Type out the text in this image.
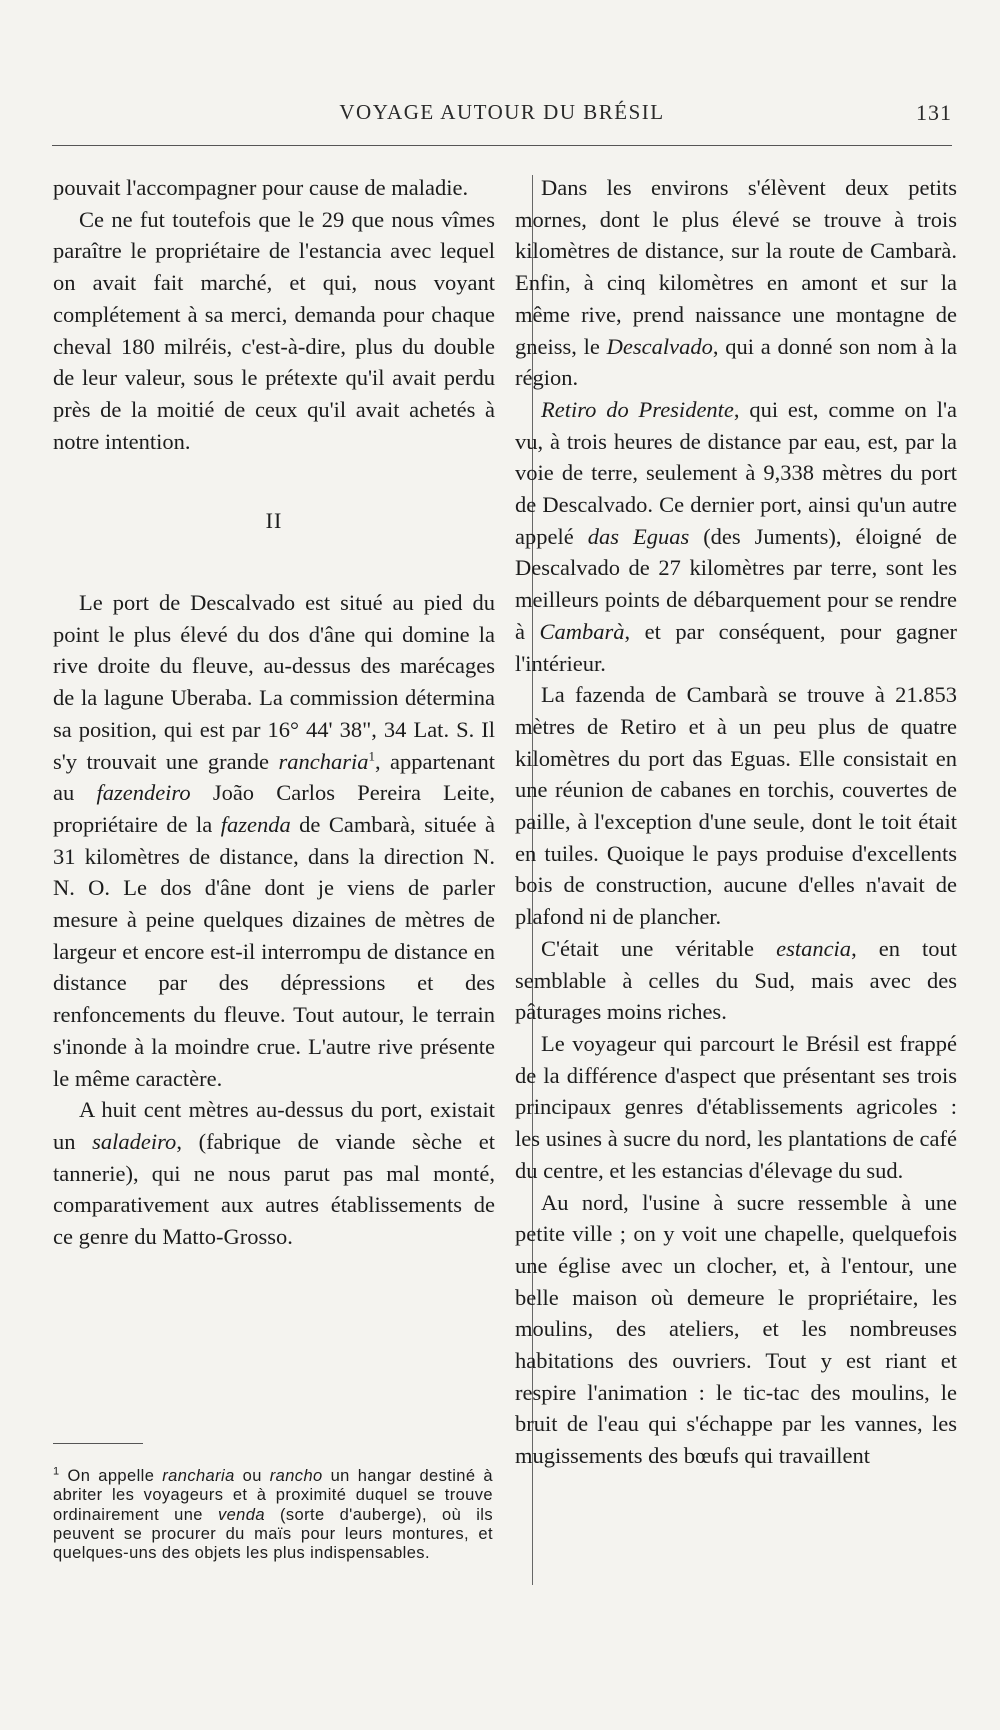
VOYAGE AUTOUR DU BRÉSIL	131

pouvait l'accompagner pour cause de maladie.

Ce ne fut toutefois que le 29 que nous vîmes paraître le propriétaire de l'estancia avec lequel on avait fait marché, et qui, nous voyant complétement à sa merci, demanda pour chaque cheval 180 milréis, c'est-à-dire, plus du double de leur valeur, sous le prétexte qu'il avait perdu près de la moitié de ceux qu'il avait achetés à notre intention.

II

Le port de Descalvado est situé au pied du point le plus élevé du dos d'âne qui domine la rive droite du fleuve, au-dessus des marécages de la lagune Uberaba. La commission détermina sa position, qui est par 16° 44' 38", 34 Lat. S. Il s'y trouvait une grande rancharia$^1$, appartenant au fazendeiro João Carlos Pereira Leite, propriétaire de la fazenda de Cambarà, située à 31 kilomètres de distance, dans la direction N. N. O. Le dos d'âne dont je viens de parler mesure à peine quelques dizaines de mètres de largeur et encore est-il interrompu de distance en distance par des dépressions et des renfoncements du fleuve. Tout autour, le terrain s'inonde à la moindre crue. L'autre rive présente le même caractère.

A huit cent mètres au-dessus du port, existait un saladeiro, (fabrique de viande sèche et tannerie), qui ne nous parut pas mal monté, comparativement aux autres établissements de ce genre du Matto-Grosso.

$^1$ On appelle rancharia ou rancho un hangar destiné à abriter les voyageurs et à proximité duquel se trouve ordinairement une venda (sorte d'auberge), où ils peuvent se procurer du maïs pour leurs montures, et quelques-uns des objets les plus indispensables.

Dans les environs s'élèvent deux petits mornes, dont le plus élevé se trouve à trois kilomètres de distance, sur la route de Cambarà. Enfin, à cinq kilomètres en amont et sur la même rive, prend naissance une montagne de gneiss, le Descalvado, qui a donné son nom à la région.

Retiro do Presidente, qui est, comme on l'a vu, à trois heures de distance par eau, est, par la voie de terre, seulement à 9,338 mètres du port de Descalvado. Ce dernier port, ainsi qu'un autre appelé das Eguas (des Juments), éloigné de Descalvado de 27 kilomètres par terre, sont les meilleurs points de débarquement pour se rendre à Cambarà, et par conséquent, pour gagner l'intérieur.

La fazenda de Cambarà se trouve à 21.853 mètres de Retiro et à un peu plus de quatre kilomètres du port das Eguas. Elle consistait en une réunion de cabanes en torchis, couvertes de paille, à l'exception d'une seule, dont le toit était en tuiles. Quoique le pays produise d'excellents bois de construction, aucune d'elles n'avait de plafond ni de plancher.

C'était une véritable estancia, en tout semblable à celles du Sud, mais avec des pâturages moins riches.

Le voyageur qui parcourt le Brésil est frappé de la différence d'aspect que présentant ses trois principaux genres d'établissements agricoles : les usines à sucre du nord, les plantations de café du centre, et les estancias d'élevage du sud.

Au nord, l'usine à sucre ressemble à une petite ville ; on y voit une chapelle, quelquefois une église avec un clocher, et, à l'entour, une belle maison où demeure le propriétaire, les moulins, des ateliers, et les nombreuses habitations des ouvriers. Tout y est riant et respire l'animation : le tic-tac des moulins, le bruit de l'eau qui s'échappe par les vannes, les mugissements des bœufs qui travaillent
